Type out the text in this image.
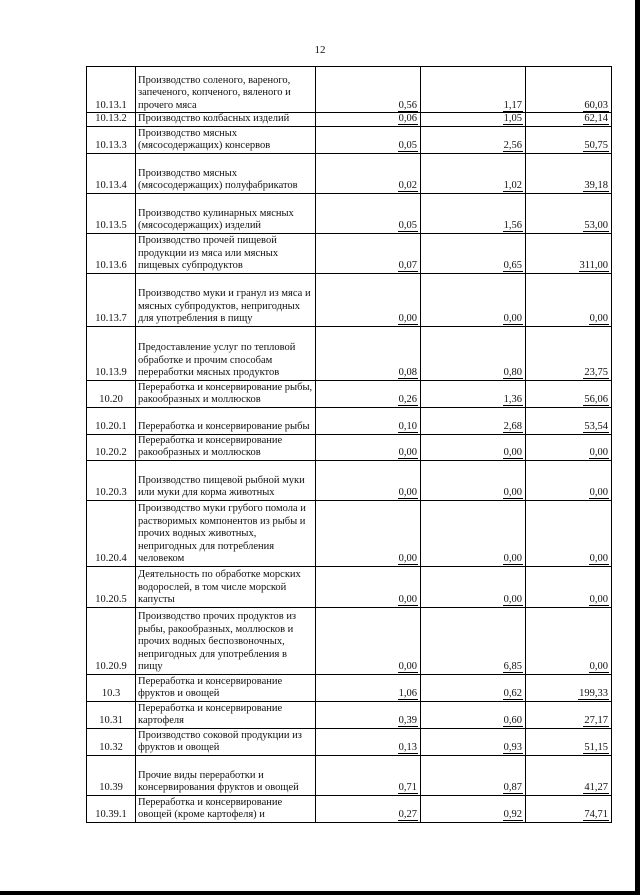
12
10.13.1	Производство соленого, вареного, запеченого, копченого, вяленого и прочего мяса	0,56	1,17	60,03
10.13.2	Производство колбасных изделий	0,06	1,05	62,14
10.13.3	Производство мясных (мясосодержащих) консервов	0,05	2,56	50,75
10.13.4	Производство мясных (мясосодержащих) полуфабрикатов	0,02	1,02	39,18
10.13.5	Производство кулинарных мясных (мясосодержащих) изделий	0,05	1,56	53,00
10.13.6	Производство прочей пищевой продукции из мяса или мясных пищевых субпродуктов	0,07	0,65	311,00
10.13.7	Производство муки и гранул из мяса и мясных субпродуктов, непригодных для употребления в пищу	0,00	0,00	0,00
10.13.9	Предоставление услуг по тепловой обработке и прочим способам переработки мясных продуктов	0,08	0,80	23,75
10.20	Переработка и консервирование рыбы, ракообразных и моллюсков	0,26	1,36	56,06
10.20.1	Переработка и консервирование рыбы	0,10	2,68	53,54
10.20.2	Переработка и консервирование ракообразных и моллюсков	0,00	0,00	0,00
10.20.3	Производство пищевой рыбной муки или муки для корма животных	0,00	0,00	0,00
10.20.4	Производство муки грубого помола и растворимых компонентов из рыбы и прочих водных животных, непригодных для потребления человеком	0,00	0,00	0,00
10.20.5	Деятельность по обработке морских водорослей, в том числе морской капусты	0,00	0,00	0,00
10.20.9	Производство прочих продуктов из рыбы, ракообразных, моллюсков и прочих водных беспозвоночных, непригодных для употребления в пищу	0,00	6,85	0,00
10.3	Переработка и консервирование фруктов и овощей	1,06	0,62	199,33
10.31	Переработка и консервирование картофеля	0,39	0,60	27,17
10.32	Производство соковой продукции из фруктов и овощей	0,13	0,93	51,15
10.39	Прочие виды переработки и консервирования фруктов и овощей	0,71	0,87	41,27
10.39.1	Переработка и консервирование овощей (кроме картофеля) и	0,27	0,92	74,71
